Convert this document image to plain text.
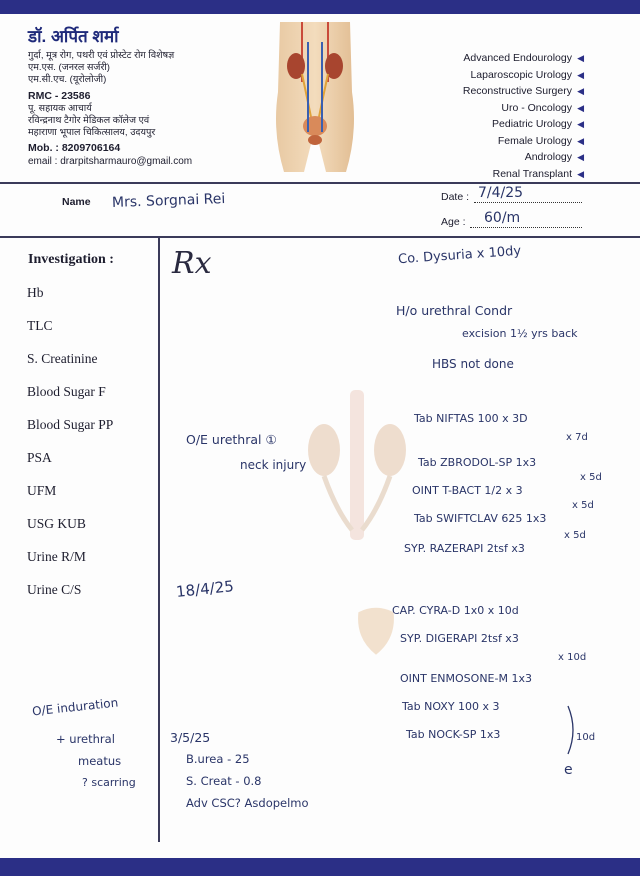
डॉ. अर्पित शर्मा
गुर्दा, मूत्र रोग, पथरी एवं प्रोस्टेट रोग विशेषज्ञ
एम.एस. (जनरल सर्जरी)
एम.सी.एच. (यूरोलोजी)
RMC - 23586
पू. सहायक आचार्य
रविन्द्रनाथ टैगोर मेडिकल कॉलेज एवं
महाराणा भूपाल चिकित्सालय, उदयपुर
Mob. : 8209706164
email : drarpitsharmauro@gmail.com
Advanced Endourology ◀
Laparoscopic Urology ◀
Reconstructive Surgery ◀
Uro - Oncology ◀
Pediatric Urology ◀
Female Urology ◀
Andrology ◀
Renal Transplant ◀
Name Mrs. Sorgnai Rei	Date : 7/4/25
Age : 60/m
Investigation :
Hb
TLC
S. Creatinine
Blood Sugar F
Blood Sugar PP
PSA
UFM
USG KUB
Urine R/M
Urine C/S
Rx	Co. Dysuria x 10dy
H/o urethral Condr
excision 1½ yrs back
HBS not done
O/E urethral ①
neck injury
Tab NIFTAS 100 x 3D
x 7d
Tab ZBRODOL-SP 1x3
x 5d
OINT T-BACT 1/2 x 3
x 5d
Tab SWIFTCLAV 625 1x3
x 5d
SYP. RAZERAPI 2tsf x3
18/4/25
CAP. CYRA-D 1x0 x 10d
SYP. DIGERAPI 2tsf x3
x 10d
OINT ENMOSONE-M 1x3
Tab NOXY 100 x 3
Tab NOCK-SP 1x3	10d
e
O/E induration
+ urethral
meatus
? scarring
3/5/25
B.urea - 25
S. Creat - 0.8
Adv CSC? Asdopelmo
